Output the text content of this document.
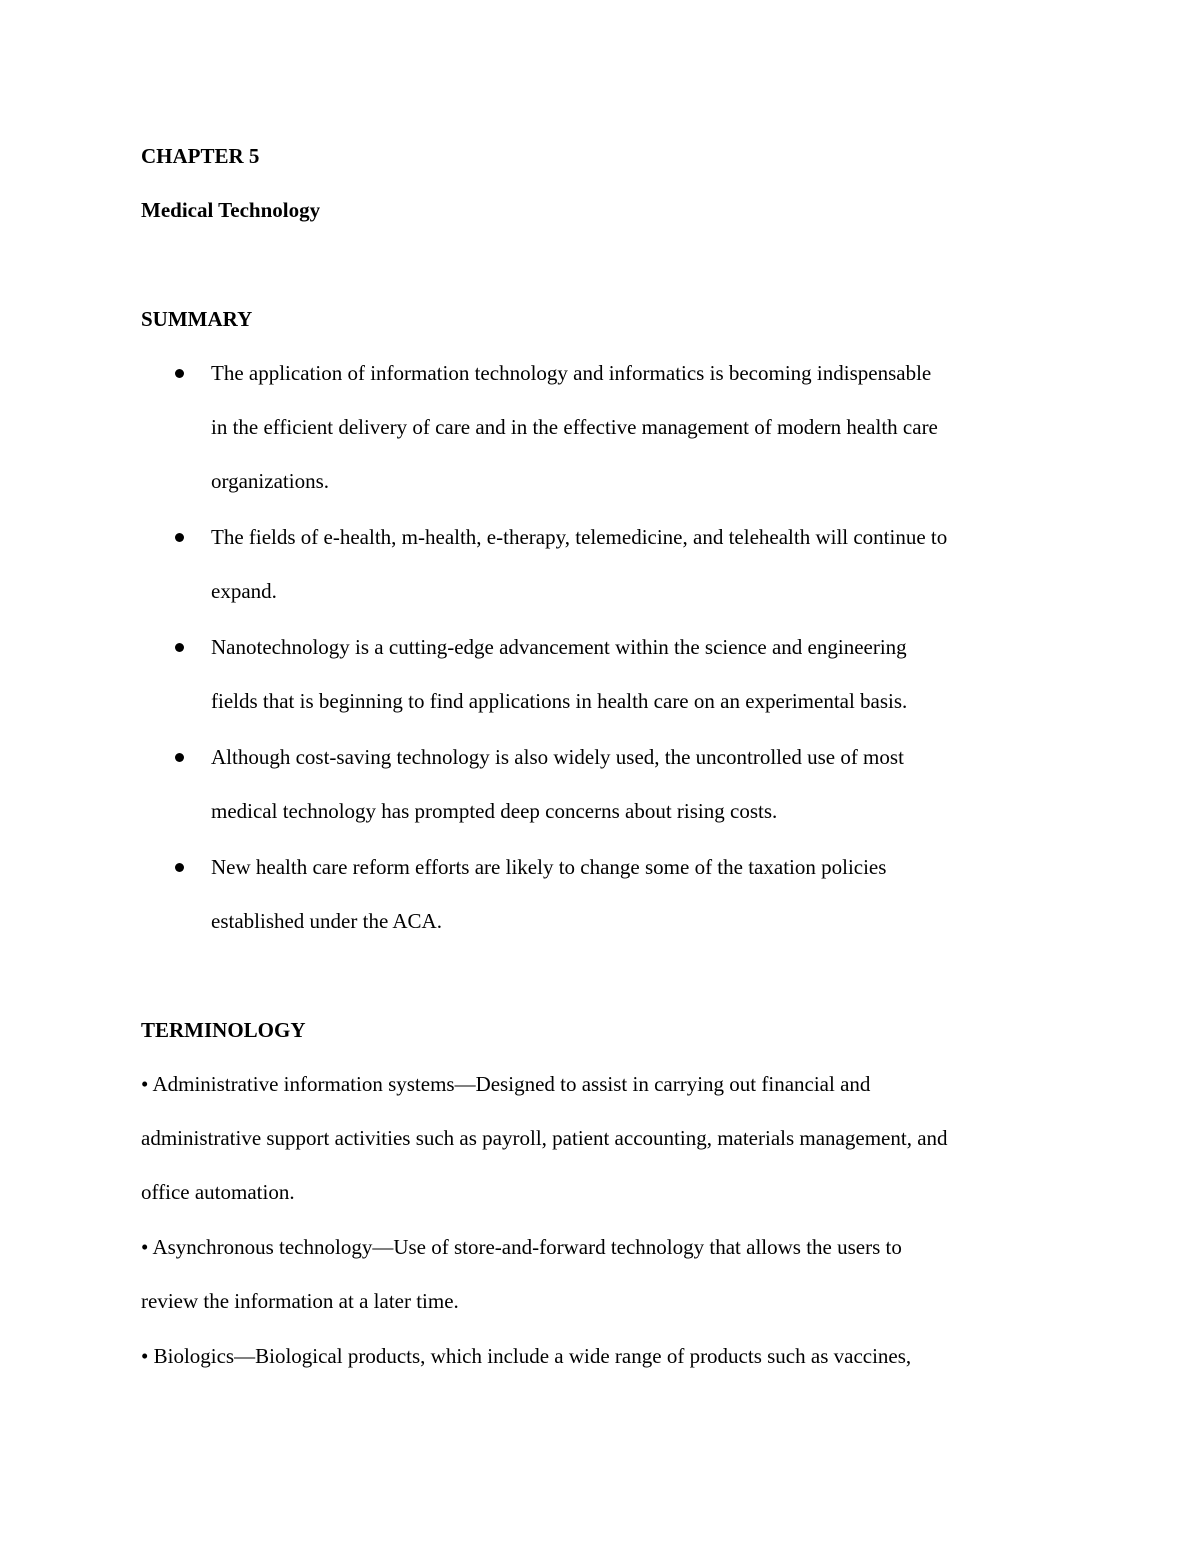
CHAPTER 5
Medical Technology
SUMMARY
The application of information technology and informatics is becoming indispensable
in the efficient delivery of care and in the effective management of modern health care
organizations.
The fields of e-health, m-health, e-therapy, telemedicine, and telehealth will continue to
expand.
Nanotechnology is a cutting-edge advancement within the science and engineering
fields that is beginning to find applications in health care on an experimental basis.
Although cost-saving technology is also widely used, the uncontrolled use of most
medical technology has prompted deep concerns about rising costs.
New health care reform efforts are likely to change some of the taxation policies
established under the ACA.
TERMINOLOGY

• Administrative information systems—Designed to assist in carrying out financial and
administrative support activities such as payroll, patient accounting, materials management, and
office automation.

• Asynchronous technology—Use of store-and-forward technology that allows the users to
review the information at a later time.

• Biologics—Biological products, which include a wide range of products such as vaccines,
